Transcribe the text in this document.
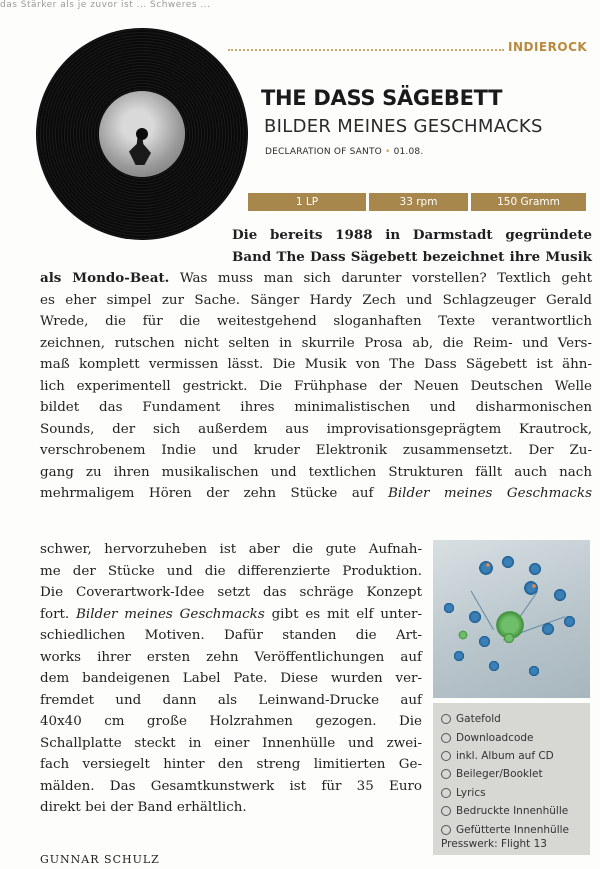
das Stärker als je zuvor ist ... Schweres ...
INDIEROCK
THE DASS SÄGEBETT
BILDER MEINES GESCHMACKS
DECLARATION OF SANTO • 01.08.
1 LP	33 rpm	150 Gramm
Die bereits 1988 in Darmstadt gegründete
Band The Dass Sägebett bezeichnet ihre Musik
als Mondo-Beat. Was muss man sich darunter vorstellen? Textlich geht
es eher simpel zur Sache. Sänger Hardy Zech und Schlagzeuger Gerald
Wrede, die für die weitestgehend sloganhaften Texte verantwortlich
zeichnen, rutschen nicht selten in skurrile Prosa ab, die Reim- und Vers-
maß komplett vermissen lässt. Die Musik von The Dass Sägebett ist ähn-
lich experimentell gestrickt. Die Frühphase der Neuen Deutschen Welle
bildet das Fundament ihres minimalistischen und disharmonischen
Sounds, der sich außerdem aus improvisationsgeprägtem Krautrock,
verschrobenem Indie und kruder Elektronik zusammensetzt. Der Zu-
gang zu ihren musikalischen und textlichen Strukturen fällt auch nach
mehrmaligem Hören der zehn Stücke auf Bilder meines Geschmacks
schwer, hervorzuheben ist aber die gute Aufnah-
me der Stücke und die differenzierte Produktion.
Die Coverartwork-Idee setzt das schräge Konzept
fort. Bilder meines Geschmacks gibt es mit elf unter-
schiedlichen Motiven. Dafür standen die Art-
works ihrer ersten zehn Veröffentlichungen auf
dem bandeigenen Label Pate. Diese wurden ver-
fremdet und dann als Leinwand-Drucke auf
40x40 cm große Holzrahmen gezogen. Die
Schallplatte steckt in einer Innenhülle und zwei-
fach versiegelt hinter den streng limitierten Ge-
mälden. Das Gesamtkunstwerk ist für 35 Euro
direkt bei der Band erhältlich.
Gatefold
Downloadcode
inkl. Album auf CD
Beileger/Booklet
Lyrics
Bedruckte Innenhülle
Gefütterte Innenhülle
Presswerk: Flight 13
GUNNAR SCHULZ
